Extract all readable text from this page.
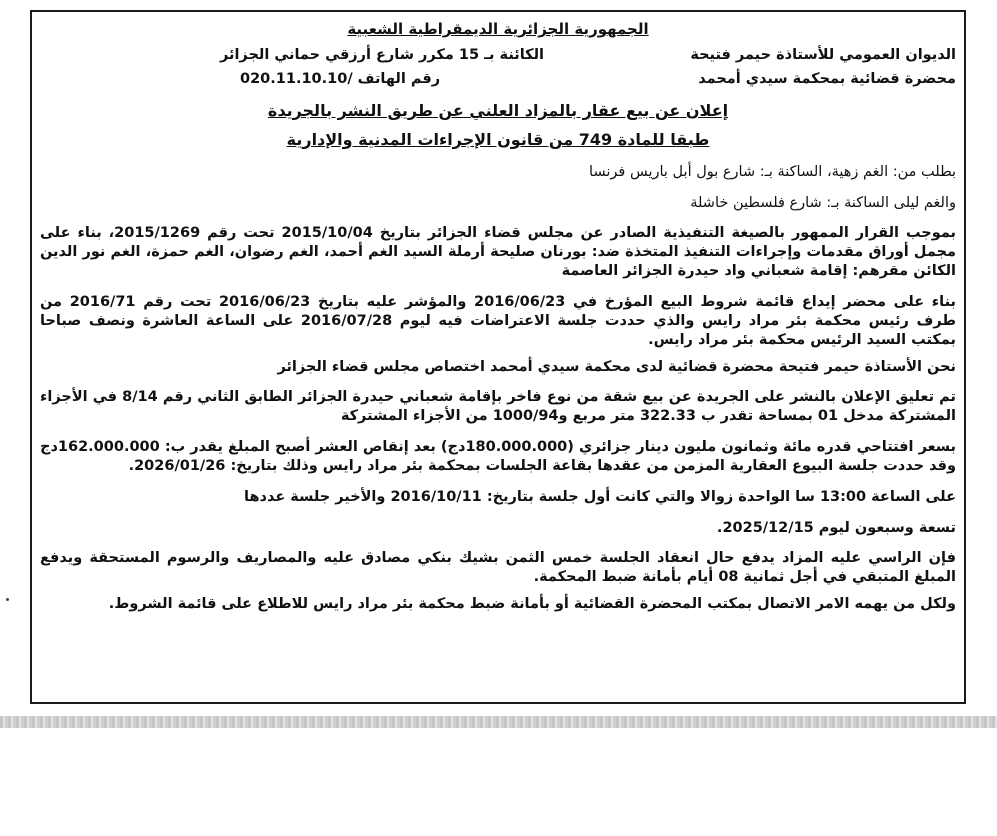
الجمهورية الجزائرية الديمقراطية الشعبية
الديوان العمومي للأستاذة حيمر فتيحة
الكائنة بـ 15 مكرر شارع أرزقي حماني الجزائر
محضرة قضائية بمحكمة سيدي أمحمد
رقم الهاتف /020.11.10.10
إعلان عن بيع عقار بالمزاد العلني عن طريق النشر بالجريدة
طبقا للمادة 749 من قانون الإجراءات المدنية والإدارية

بطلب من: الغم زهية، الساكنة بـ: شارع بول أبل باريس فرنسا

والغم ليلى الساكنة بـ: شارع فلسطين خاشلة

بموجب القرار الممهور بالصيغة التنفيذية الصادر عن مجلس قضاء الجزائر بتاريخ 2015/10/04 تحت رقم 2015/1269، بناء على مجمل أوراق مقدمات وإجراءات التنفيذ المتخذة ضد: بورنان صليحة أرملة السيد الغم أحمد، الغم رضوان، الغم حمزة، الغم نور الدين الكائن مقرهم: إقامة شعباني واد حيدرة الجزائر العاصمة

بناء على محضر إيداع قائمة شروط البيع المؤرخ في 2016/06/23 والمؤشر عليه بتاريخ 2016/06/23 تحت رقم 2016/71 من طرف رئيس محكمة بئر مراد رايس والذي حددت جلسة الاعتراضات فيه ليوم 2016/07/28 على الساعة العاشرة ونصف صباحا بمكتب السيد الرئيس محكمة بئر مراد رايس.

نحن الأستاذة حيمر فتيحة محضرة قضائية لدى محكمة سيدي أمحمد اختصاص مجلس قضاء الجزائر

تم تعليق الإعلان بالنشر على الجريدة عن بيع شقة من نوع فاخر بإقامة شعباني حيدرة الجزائر الطابق الثاني رقم 8/14 في الأجزاء المشتركة مدخل 01 بمساحة تقدر ب 322.33 متر مربع و1000/94 من الأجزاء المشتركة

بسعر افتتاحي قدره مائة وثمانون مليون دينار جزائري (180.000.000دج) بعد إنقاص العشر أصبح المبلغ يقدر ب: 162.000.000دج وقد حددت جلسة البيوع العقارية المزمن من عقدها بقاعة الجلسات بمحكمة بئر مراد رايس وذلك بتاريخ: 2026/01/26.

على الساعة 13:00 سا الواحدة زوالا والتي كانت أول جلسة بتاريخ: 2016/10/11 والأخير جلسة عددها

تسعة وسبعون ليوم 2025/12/15.

فإن الراسي عليه المزاد يدفع حال انعقاد الجلسة خمس الثمن بشيك بنكي مصادق عليه والمصاريف والرسوم المستحقة ويدفع المبلغ المتبقي في أجل ثمانية 08 أيام بأمانة ضبط المحكمة.

ولكل من يهمه الامر الاتصال بمكتب المحضرة القضائية أو بأمانة ضبط محكمة بئر مراد رايس للاطلاع على قائمة الشروط.
